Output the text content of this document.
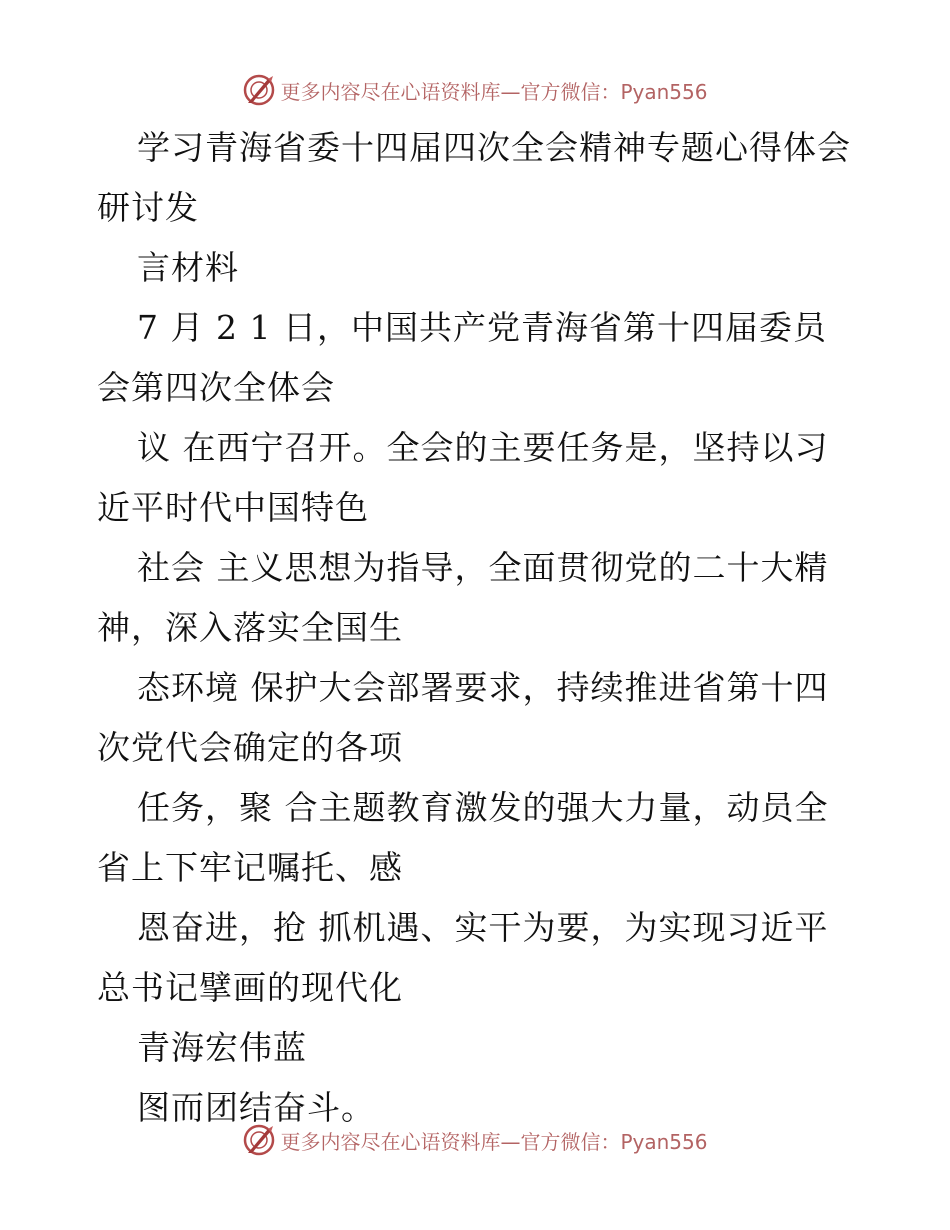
更多内容尽在心语资料库—官方微信：Pyan556
学习青海省委十四届四次全会精神专题心得体会
研讨发
言材料
7 月 2 1 日，中国共产党青海省第十四届委员
会第四次全体会
议 在西宁召开。全会的主要任务是，坚持以习
近平时代中国特色
社会 主义思想为指导，全面贯彻党的二十大精
神，深入落实全国生
态环境 保护大会部署要求，持续推进省第十四
次党代会确定的各项
任务，聚 合主题教育激发的强大力量，动员全
省上下牢记嘱托、感
恩奋进，抢 抓机遇、实干为要，为实现习近平
总书记擘画的现代化
青海宏伟蓝
图而团结奋斗。
更多内容尽在心语资料库—官方微信：Pyan556
